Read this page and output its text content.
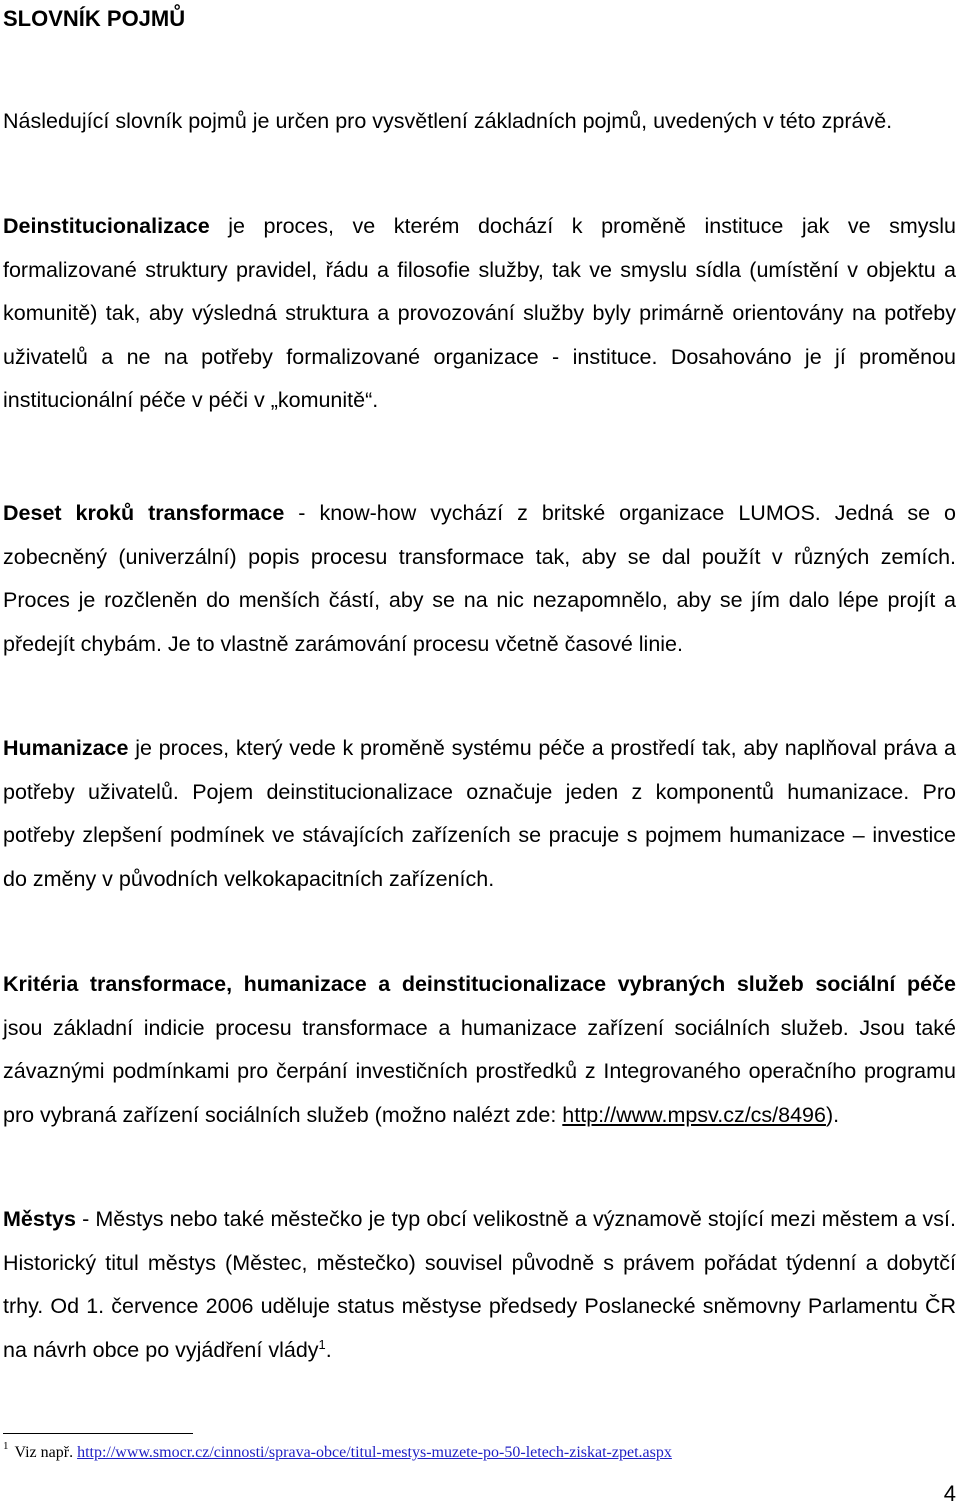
SLOVNÍK POJMŮ

Následující slovník pojmů je určen pro vysvětlení základních pojmů, uvedených v této zprávě.

Deinstitucionalizace je proces, ve kterém dochází k proměně instituce jak ve smyslu formalizované struktury pravidel, řádu a filosofie služby, tak ve smyslu sídla (umístění v objektu a komunitě) tak, aby výsledná struktura a provozování služby byly primárně orientovány na potřeby uživatelů a ne na potřeby formalizované organizace - instituce. Dosahováno je jí proměnou institucionální péče v péči v „komunitě“.

Deset kroků transformace - know-how vychází z britské organizace LUMOS. Jedná se o zobecněný (univerzální) popis procesu transformace tak, aby se dal použít v různých zemích. Proces je rozčleněn do menších částí, aby se na nic nezapomnělo, aby se jím dalo lépe projít a předejít chybám. Je to vlastně zarámování procesu včetně časové linie.

Humanizace je proces, který vede k proměně systému péče a prostředí tak, aby naplňoval práva a potřeby uživatelů. Pojem deinstitucionalizace označuje jeden z komponentů humanizace. Pro potřeby zlepšení podmínek ve stávajících zařízeních se pracuje s pojmem humanizace – investice do změny v původních velkokapacitních zařízeních.

Kritéria transformace, humanizace a deinstitucionalizace vybraných služeb sociální péče jsou základní indicie procesu transformace a humanizace zařízení sociálních služeb. Jsou také závaznými podmínkami pro čerpání investičních prostředků z Integrovaného operačního programu pro vybraná zařízení sociálních služeb (možno nalézt zde: http://www.mpsv.cz/cs/8496).

Městys - Městys nebo také městečko je typ obcí velikostně a významově stojící mezi městem a vsí. Historický titul městys (Městec, městečko) souvisel původně s právem pořádat týdenní a dobytčí trhy. Od 1. července 2006 uděluje status městyse předsedy Poslanecké sněmovny Parlamentu ČR na návrh obce po vyjádření vlády$^1$.

$^1$ Viz např. http://www.smocr.cz/cinnosti/sprava-obce/titul-mestys-muzete-po-50-letech-ziskat-zpet.aspx

4
